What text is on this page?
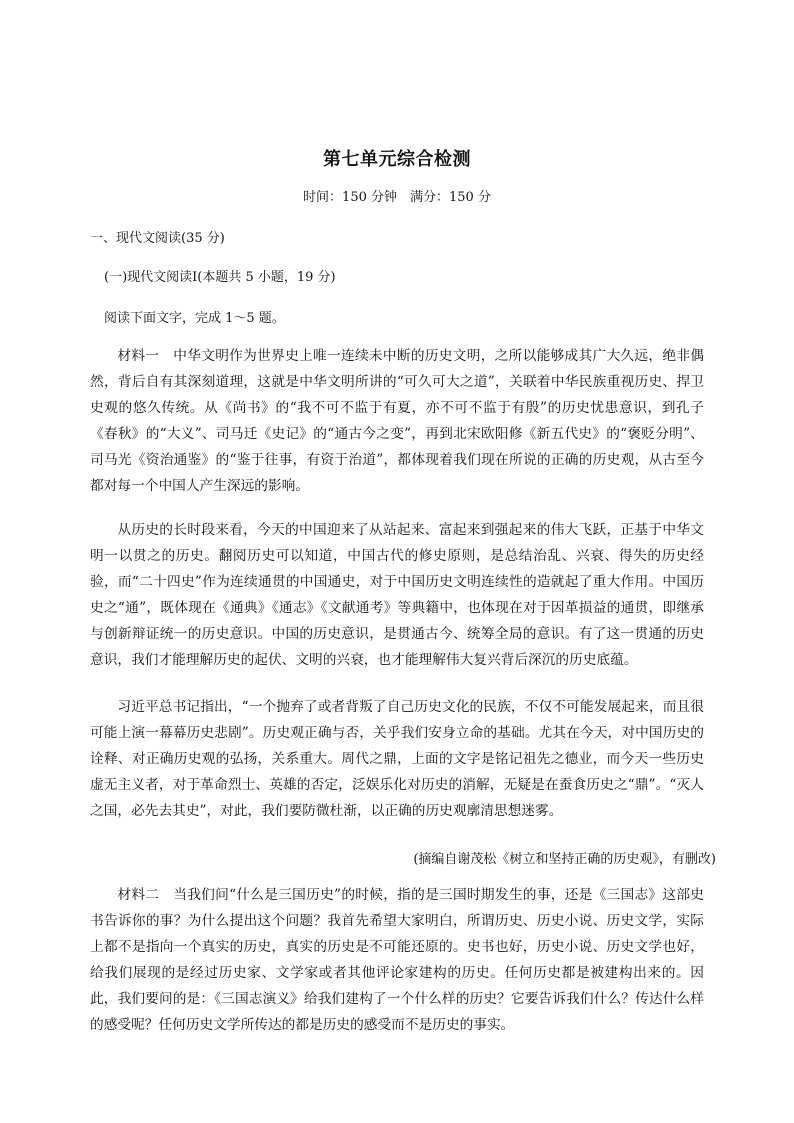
第七单元综合检测

时间：150 分钟　满分：150 分

一、现代文阅读(35 分)

(一)现代文阅读Ⅰ(本题共 5 小题，19 分)

阅读下面文字，完成 1～5 题。

材料一　中华文明作为世界史上唯一连续未中断的历史文明，之所以能够成其广大久远，绝非偶然，背后自有其深刻道理，这就是中华文明所讲的“可久可大之道”，关联着中华民族重视历史、捍卫史观的悠久传统。从《尚书》的“我不可不监于有夏，亦不可不监于有殷”的历史忧患意识，到孔子《春秋》的“大义”、司马迁《史记》的“通古今之变”，再到北宋欧阳修《新五代史》的“褒贬分明”、司马光《资治通鉴》的“鉴于往事，有资于治道”，都体现着我们现在所说的正确的历史观，从古至今都对每一个中国人产生深远的影响。

从历史的长时段来看，今天的中国迎来了从站起来、富起来到强起来的伟大飞跃，正基于中华文明一以贯之的历史。翻阅历史可以知道，中国古代的修史原则，是总结治乱、兴衰、得失的历史经验，而“二十四史”作为连续通贯的中国通史，对于中国历史文明连续性的造就起了重大作用。中国历史之“通”，既体现在《通典》《通志》《文献通考》等典籍中，也体现在对于因革损益的通贯，即继承与创新辩证统一的历史意识。中国的历史意识，是贯通古今、统筹全局的意识。有了这一贯通的历史意识，我们才能理解历史的起伏、文明的兴衰，也才能理解伟大复兴背后深沉的历史底蕴。

习近平总书记指出，“一个抛弃了或者背叛了自己历史文化的民族，不仅不可能发展起来，而且很可能上演一幕幕历史悲剧”。历史观正确与否，关乎我们安身立命的基础。尤其在今天，对中国历史的诠释、对正确历史观的弘扬，关系重大。周代之鼎，上面的文字是铭记祖先之德业，而今天一些历史虚无主义者，对于革命烈士、英雄的否定，泛娱乐化对历史的消解，无疑是在蚕食历史之“鼎”。“灭人之国，必先去其史”，对此，我们要防微杜渐，以正确的历史观廓清思想迷雾。

(摘编自谢茂松《树立和坚持正确的历史观》，有删改)

材料二　当我们问“什么是三国历史”的时候，指的是三国时期发生的事，还是《三国志》这部史书告诉你的事？为什么提出这个问题？我首先希望大家明白，所谓历史、历史小说、历史文学，实际上都不是指向一个真实的历史，真实的历史是不可能还原的。史书也好，历史小说、历史文学也好，给我们展现的是经过历史家、文学家或者其他评论家建构的历史。任何历史都是被建构出来的。因此，我们要问的是：《三国志演义》给我们建构了一个什么样的历史？它要告诉我们什么？传达什么样的感受呢？任何历史文学所传达的都是历史的感受而不是历史的事实。
